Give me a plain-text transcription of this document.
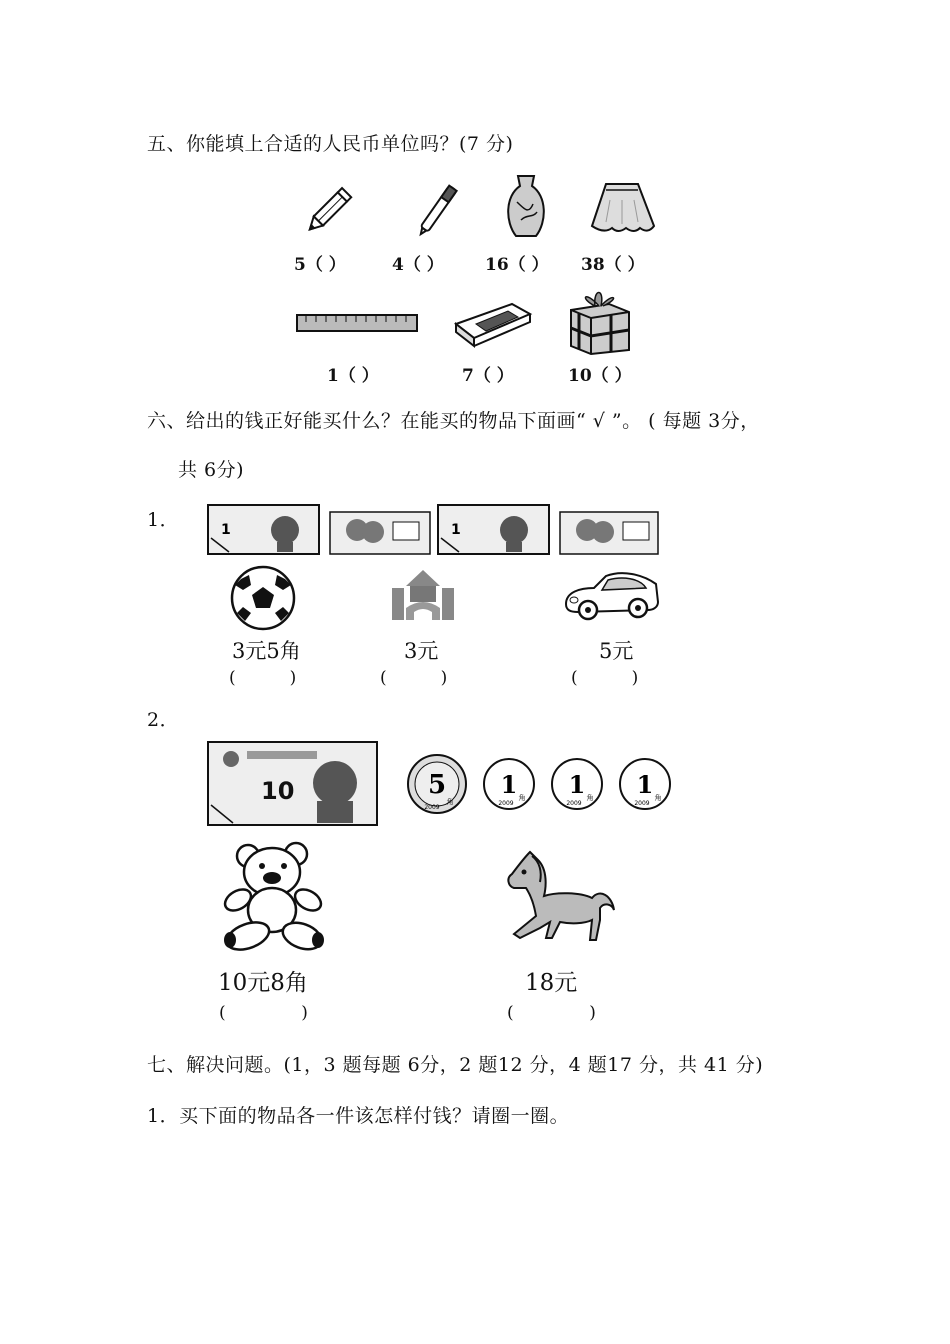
五、你能填上合适的人民币单位吗？(7 分)
5（ ）	4（ ） 16（ ） 38（ ）
1（ ）	7（ ）	10（ ）
六、给出的钱正好能买什么？在能买的物品下面画“ √ ”。 ( 每题 3分，
共 6分)
1．	1	1
3元5角	3元	5元
(          )	(          )	(          )
2．
10	5
角
2009
1 角
2009
1 角
2009
1 角
2009
10元8角	18元
(              )	(              )
七、解决问题。(1，3 题每题 6分，2 题12 分，4 题17 分，共 41 分)
1．买下面的物品各一件该怎样付钱？请圈一圈。
